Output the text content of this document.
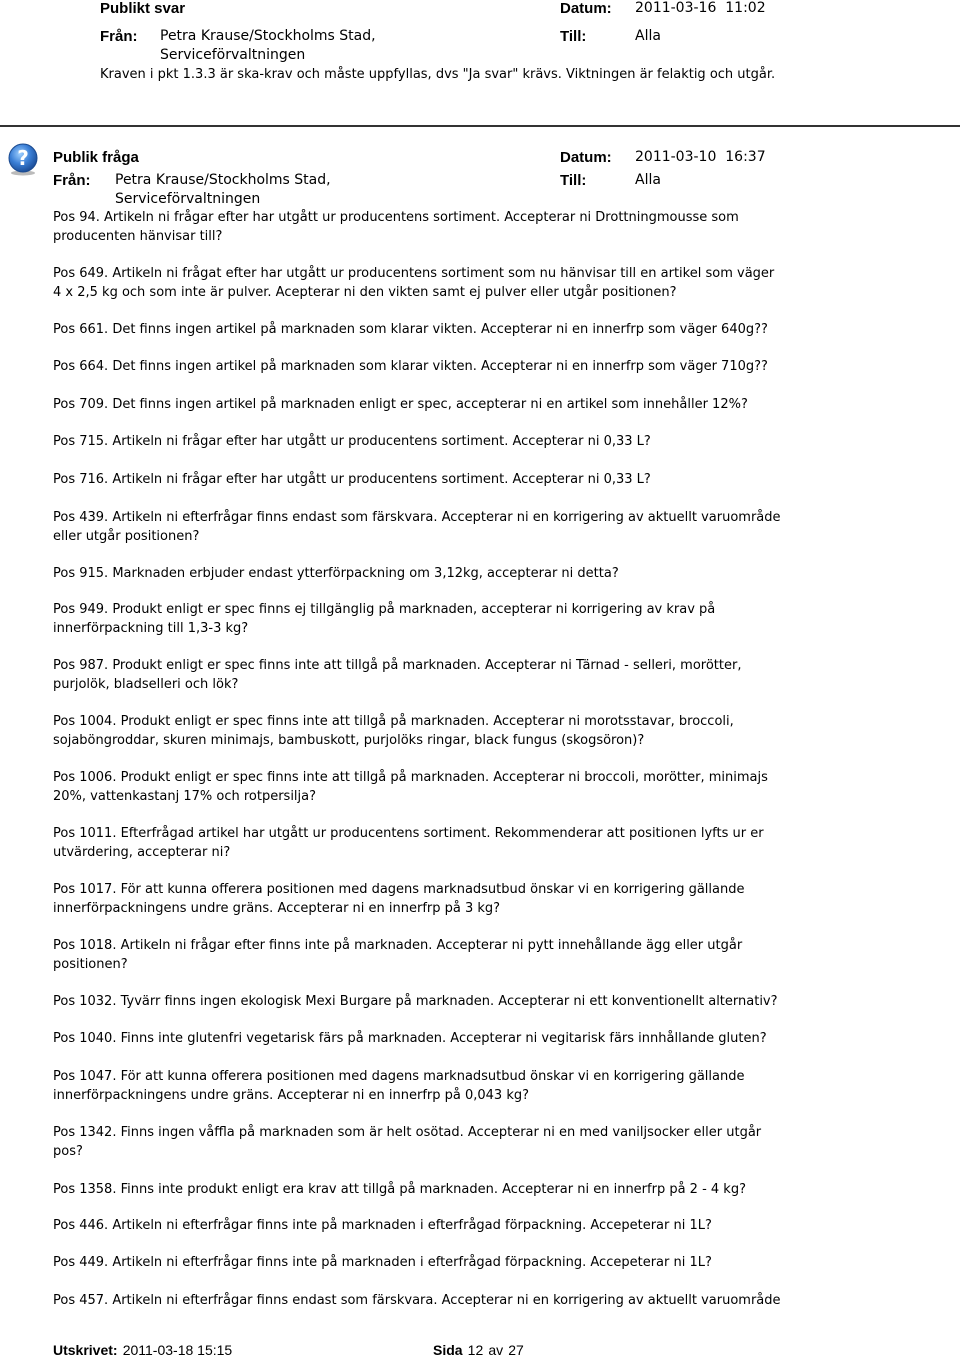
Publikt svar	Datum: 2011-03-16  11:02
Från: Petra Krause/Stockholms Stad,
Serviceförvaltningen
Till:	Alla
Kraven i pkt 1.3.3 är ska-krav och måste uppfyllas, dvs "Ja svar" krävs. Viktningen är felaktig och utgår.
? Publik fråga	Datum: 2011-03-10  16:37
Från: Petra Krause/Stockholms Stad,
Serviceförvaltningen
Till:	Alla

Pos 94. Artikeln ni frågar efter har utgått ur producentens sortiment. Accepterar ni Drottningmousse som producenten hänvisar till?

Pos 649. Artikeln ni frågat efter har utgått ur producentens sortiment som nu hänvisar till en artikel som väger 4 x 2,5 kg och som inte är pulver. Acepterar ni den vikten samt ej pulver eller utgår positionen?

Pos 661. Det finns ingen artikel på marknaden som klarar vikten. Accepterar ni en innerfrp som väger 640g??

Pos 664. Det finns ingen artikel på marknaden som klarar vikten. Accepterar ni en innerfrp som väger 710g??

Pos 709. Det finns ingen artikel på marknaden enligt er spec, accepterar ni en artikel som innehåller 12%?

Pos 715. Artikeln ni frågar efter har utgått ur producentens sortiment. Accepterar ni 0,33 L?

Pos 716. Artikeln ni frågar efter har utgått ur producentens sortiment. Accepterar ni 0,33 L?

Pos 439. Artikeln ni efterfrågar finns endast som färskvara. Accepterar ni en korrigering av aktuellt varuområde eller utgår positionen?

Pos 915. Marknaden erbjuder endast ytterförpackning om 3,12kg, accepterar ni detta?

Pos 949. Produkt enligt er spec finns ej tillgänglig på marknaden, accepterar ni korrigering av krav på innerförpackning till 1,3-3 kg?

Pos 987. Produkt enligt er spec finns inte att tillgå på marknaden. Accepterar ni Tärnad - selleri, morötter, purjolök, bladselleri och lök?

Pos 1004. Produkt enligt er spec finns inte att tillgå på marknaden. Accepterar ni morotsstavar, broccoli, sojaböngroddar, skuren minimajs, bambuskott, purjolöks ringar, black fungus (skogsöron)?

Pos 1006. Produkt enligt er spec finns inte att tillgå på marknaden. Accepterar ni broccoli, morötter, minimajs 20%, vattenkastanj 17% och rotpersilja?

Pos 1011. Efterfrågad artikel har utgått ur producentens sortiment. Rekommenderar att positionen lyfts ur er utvärdering, accepterar ni?

Pos 1017. För att kunna offerera positionen med dagens marknadsutbud önskar vi en korrigering gällande innerförpackningens undre gräns. Accepterar ni en innerfrp på 3 kg?

Pos 1018. Artikeln ni frågar efter finns inte på marknaden. Accepterar ni pytt innehållande ägg eller utgår positionen?

Pos 1032. Tyvärr finns ingen ekologisk Mexi Burgare på marknaden. Accepterar ni ett konventionellt alternativ?

Pos 1040. Finns inte glutenfri vegetarisk färs på marknaden. Accepterar ni vegitarisk färs innhållande gluten?

Pos 1047. För att kunna offerera positionen med dagens marknadsutbud önskar vi en korrigering gällande innerförpackningens undre gräns. Accepterar ni en innerfrp på 0,043 kg?

Pos 1342. Finns ingen våffla på marknaden som är helt osötad. Accepterar ni en med vaniljsocker eller utgår pos?

Pos 1358. Finns inte produkt enligt era krav att tillgå på marknaden. Accepterar ni en innerfrp på 2 - 4 kg?

Pos 446. Artikeln ni efterfrågar finns inte på marknaden i efterfrågad förpackning. Accepeterar ni 1L?

Pos 449. Artikeln ni efterfrågar finns inte på marknaden i efterfrågad förpackning. Accepeterar ni 1L?

Pos 457. Artikeln ni efterfrågar finns endast som färskvara. Accepterar ni en korrigering av aktuellt varuområde

Utskrivet: 2011-03-18 15:15	Sida 12 av 27
